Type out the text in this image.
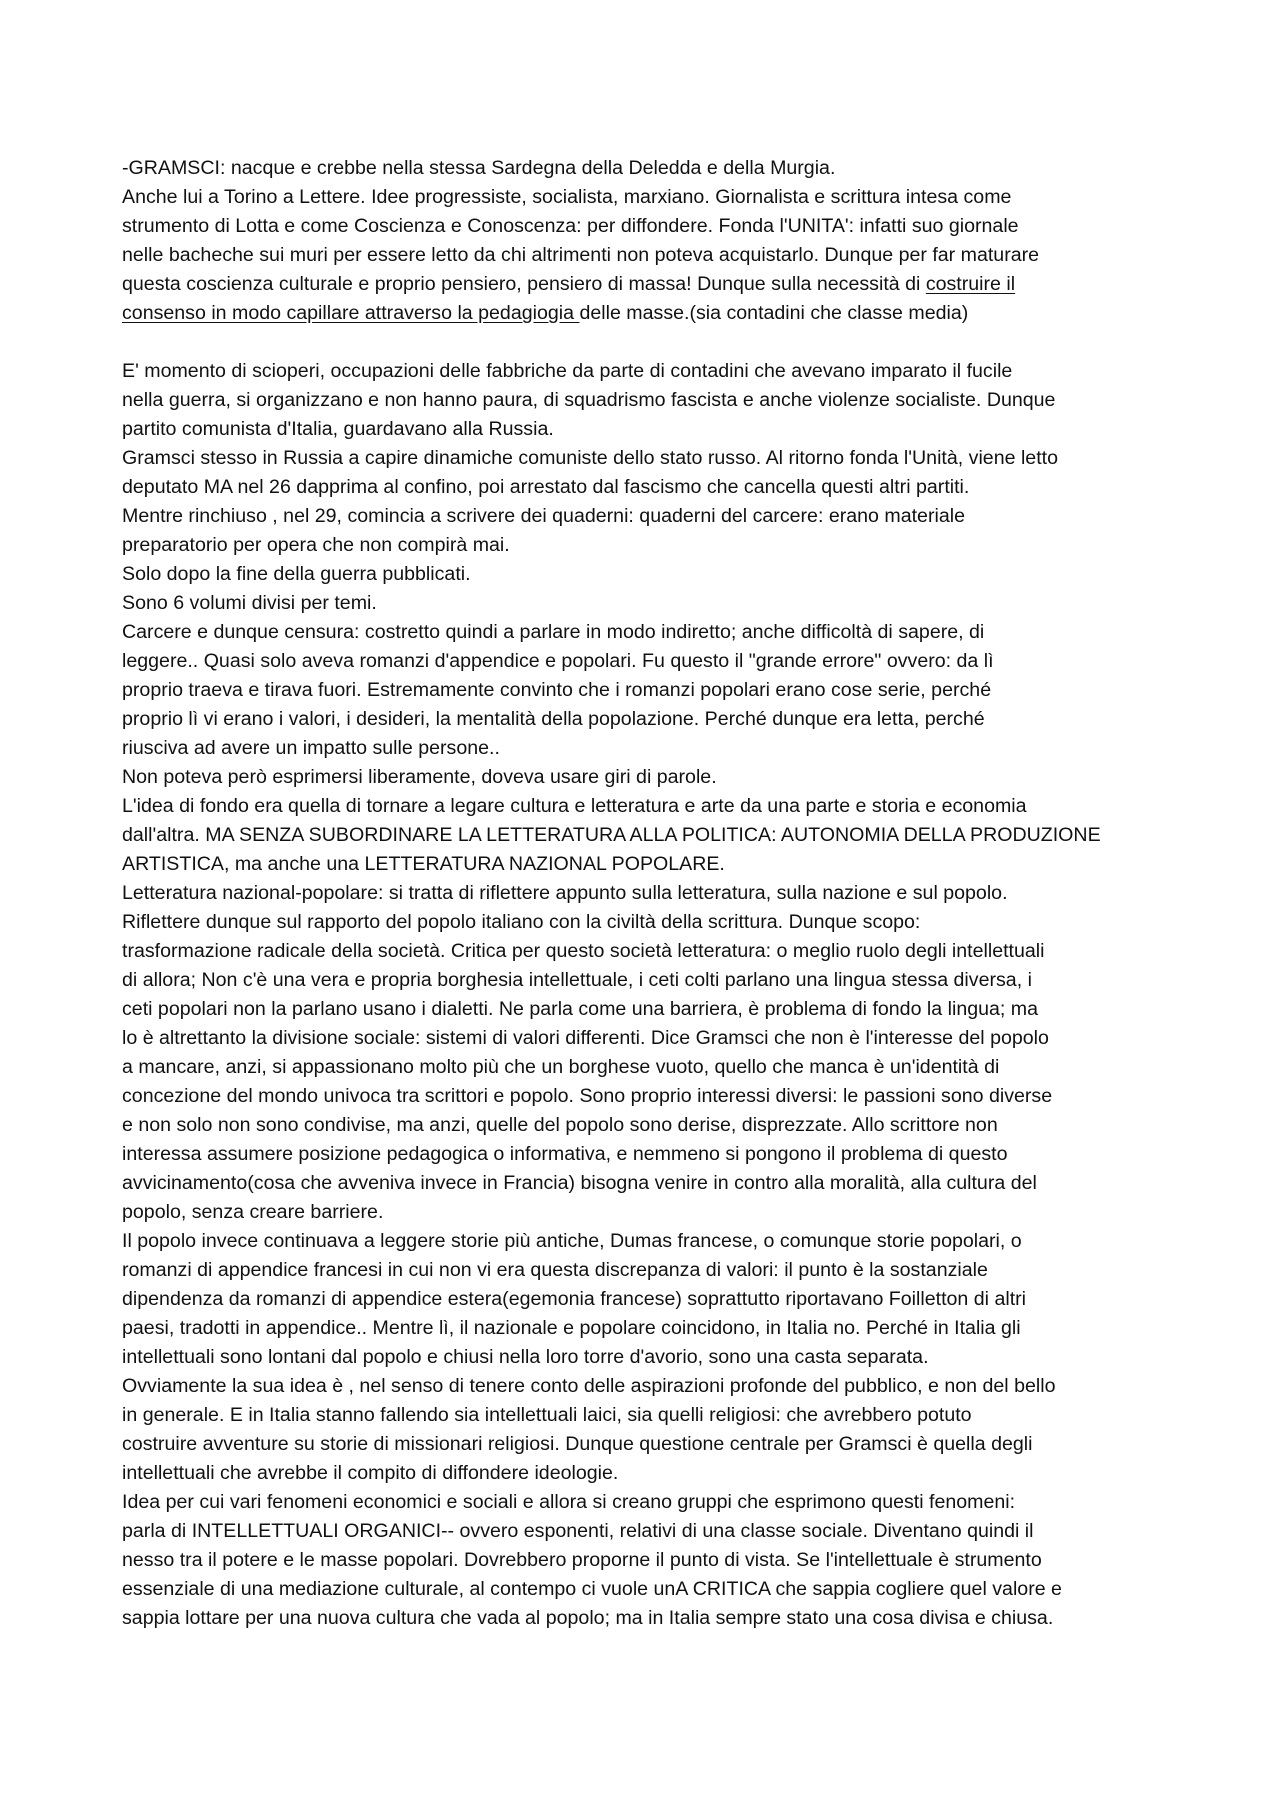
-GRAMSCI: nacque e crebbe nella stessa Sardegna della Deledda e della Murgia.

Anche lui a Torino a Lettere. Idee progressiste, socialista, marxiano. Giornalista e scrittura intesa come

strumento di Lotta e come Coscienza e Conoscenza: per diffondere. Fonda l'UNITA': infatti suo giornale

nelle bacheche sui muri per essere letto da chi altrimenti non poteva acquistarlo. Dunque per far maturare

questa coscienza culturale e proprio pensiero, pensiero di massa! Dunque sulla necessità di costruire il

consenso in modo capillare attraverso la pedagiogia delle masse.(sia contadini che classe media)

E' momento di scioperi, occupazioni delle fabbriche da parte di contadini che avevano imparato il fucile

nella guerra, si organizzano e non hanno paura, di squadrismo fascista e anche violenze socialiste. Dunque

partito comunista d'Italia, guardavano alla Russia.

Gramsci stesso in Russia a capire dinamiche comuniste dello stato russo. Al ritorno fonda l'Unità, viene letto

deputato MA nel 26 dapprima al confino, poi arrestato dal fascismo che cancella questi altri partiti.

Mentre rinchiuso , nel 29, comincia a scrivere dei quaderni: quaderni del carcere: erano materiale

preparatorio per opera che non compirà mai.

Solo dopo la fine della guerra pubblicati.

Sono 6 volumi divisi per temi.

Carcere e dunque censura: costretto quindi a parlare in modo indiretto; anche difficoltà di sapere, di

leggere.. Quasi solo aveva romanzi d'appendice e popolari. Fu questo il "grande errore" ovvero: da lì

proprio traeva e tirava fuori. Estremamente convinto che i romanzi popolari erano cose serie, perché

proprio lì vi erano i valori, i desideri, la mentalità della popolazione. Perché dunque era letta, perché

riusciva ad avere un impatto sulle persone..

Non poteva però esprimersi liberamente, doveva usare giri di parole.

L'idea di fondo era quella di tornare a legare cultura e letteratura e arte da una parte e storia e economia

dall'altra. MA SENZA SUBORDINARE LA LETTERATURA ALLA POLITICA: AUTONOMIA DELLA PRODUZIONE

ARTISTICA, ma anche una LETTERATURA NAZIONAL POPOLARE.

Letteratura nazional-popolare: si tratta di riflettere appunto sulla letteratura, sulla nazione e sul popolo.

Riflettere dunque sul rapporto del popolo italiano con la civiltà della scrittura. Dunque scopo:

trasformazione radicale della società. Critica per questo società letteratura: o meglio ruolo degli intellettuali

di allora; Non c'è una vera e propria borghesia intellettuale, i ceti colti parlano una lingua stessa diversa, i

ceti popolari non la parlano usano i dialetti. Ne parla come una barriera, è problema di fondo la lingua; ma

lo è altrettanto la divisione sociale: sistemi di valori differenti. Dice Gramsci che non è l'interesse del popolo

a mancare, anzi, si appassionano molto più che un borghese vuoto, quello che manca è un'identità di

concezione del mondo univoca tra scrittori e popolo. Sono proprio interessi diversi: le passioni sono diverse

e non solo non sono condivise, ma anzi, quelle del popolo sono derise, disprezzate. Allo scrittore non

interessa assumere posizione pedagogica o informativa, e nemmeno si pongono il problema di questo

avvicinamento(cosa che avveniva invece in Francia) bisogna venire in contro alla moralità, alla cultura del

popolo, senza creare barriere.

Il popolo invece continuava a leggere storie più antiche, Dumas francese, o comunque storie popolari, o

romanzi di appendice francesi in cui non vi era questa discrepanza di valori: il punto è la sostanziale

dipendenza da romanzi di appendice estera(egemonia francese) soprattutto riportavano Foilletton di altri

paesi, tradotti in appendice.. Mentre lì, il nazionale e popolare coincidono, in Italia no. Perché in Italia gli

intellettuali sono lontani dal popolo e chiusi nella loro torre d'avorio, sono una casta separata.

Ovviamente la sua idea è , nel senso di tenere conto delle aspirazioni profonde del pubblico, e non del bello

in generale. E in Italia stanno fallendo sia intellettuali laici, sia quelli religiosi: che avrebbero potuto

costruire avventure su storie di missionari religiosi. Dunque questione centrale per Gramsci è quella degli

intellettuali che avrebbe il compito di diffondere ideologie.

Idea per cui vari fenomeni economici e sociali e allora si creano gruppi che esprimono questi fenomeni:

parla di INTELLETTUALI ORGANICI-- ovvero esponenti, relativi di una classe sociale. Diventano quindi il

nesso tra il potere e le masse popolari. Dovrebbero proporne il punto di vista. Se l'intellettuale è strumento

essenziale di una mediazione culturale, al contempo ci vuole unA CRITICA che sappia cogliere quel valore e

sappia lottare per una nuova cultura che vada al popolo; ma in Italia sempre stato una cosa divisa e chiusa.
